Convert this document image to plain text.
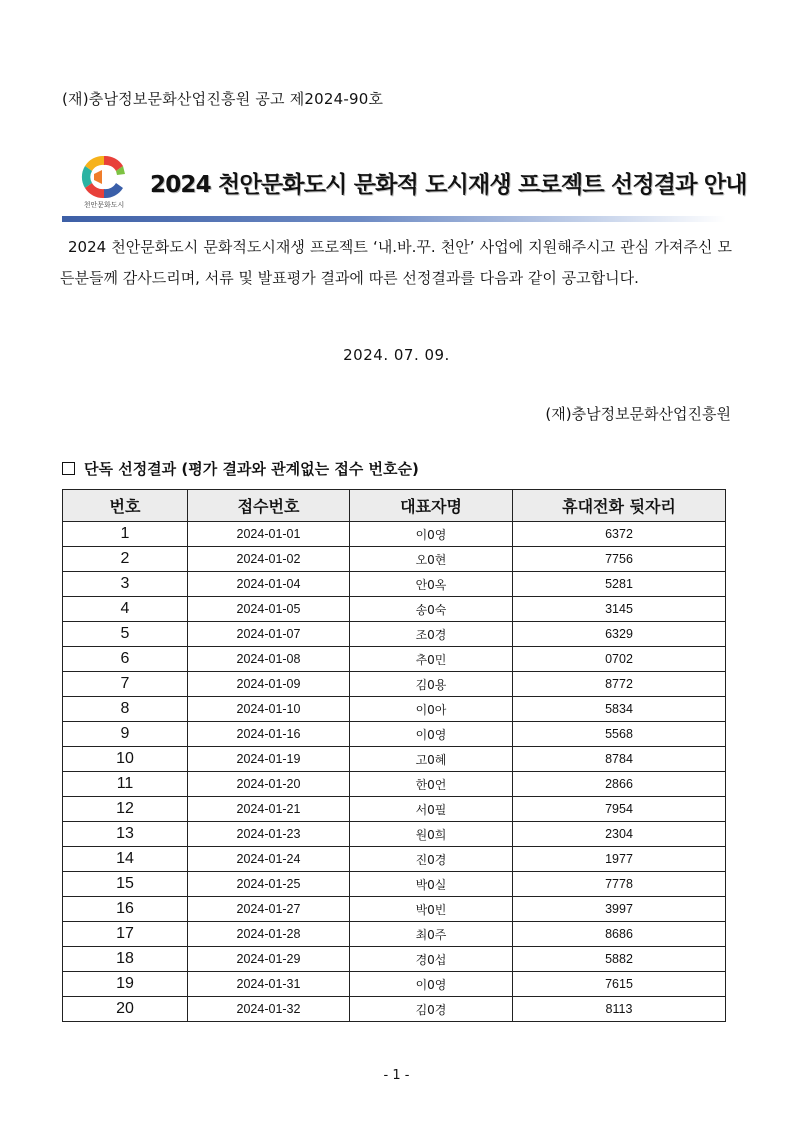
(재)충남정보문화산업진흥원 공고 제2024-90호
천안문화도시
2024 천안문화도시 문화적 도시재생 프로젝트 선정결과 안내
2024 천안문화도시 문화적도시재생 프로젝트 ‘내.바.꾸. 천안’ 사업에 지원해주시고 관심 가져주신 모든분들께 감사드리며, 서류 및 발표평가 결과에 따른 선정결과를 다음과 같이 공고합니다.
2024. 07. 09.
(재)충남정보문화산업진흥원
단독 선정결과 (평가 결과와 관계없는 접수 번호순)
번호	접수번호	대표자명	휴대전화 뒷자리
1	2024-01-01	이0영	6372
2	2024-01-02	오0현	7756
3	2024-01-04	안0옥	5281
4	2024-01-05	송0숙	3145
5	2024-01-07	조0경	6329
6	2024-01-08	추0민	0702
7	2024-01-09	김0용	8772
8	2024-01-10	이0아	5834
9	2024-01-16	이0영	5568
10	2024-01-19	고0혜	8784
11	2024-01-20	한0언	2866
12	2024-01-21	서0필	7954
13	2024-01-23	원0희	2304
14	2024-01-24	진0경	1977
15	2024-01-25	박0실	7778
16	2024-01-27	박0빈	3997
17	2024-01-28	최0주	8686
18	2024-01-29	경0섭	5882
19	2024-01-31	이0영	7615
20	2024-01-32	김0경	8113
- 1 -
